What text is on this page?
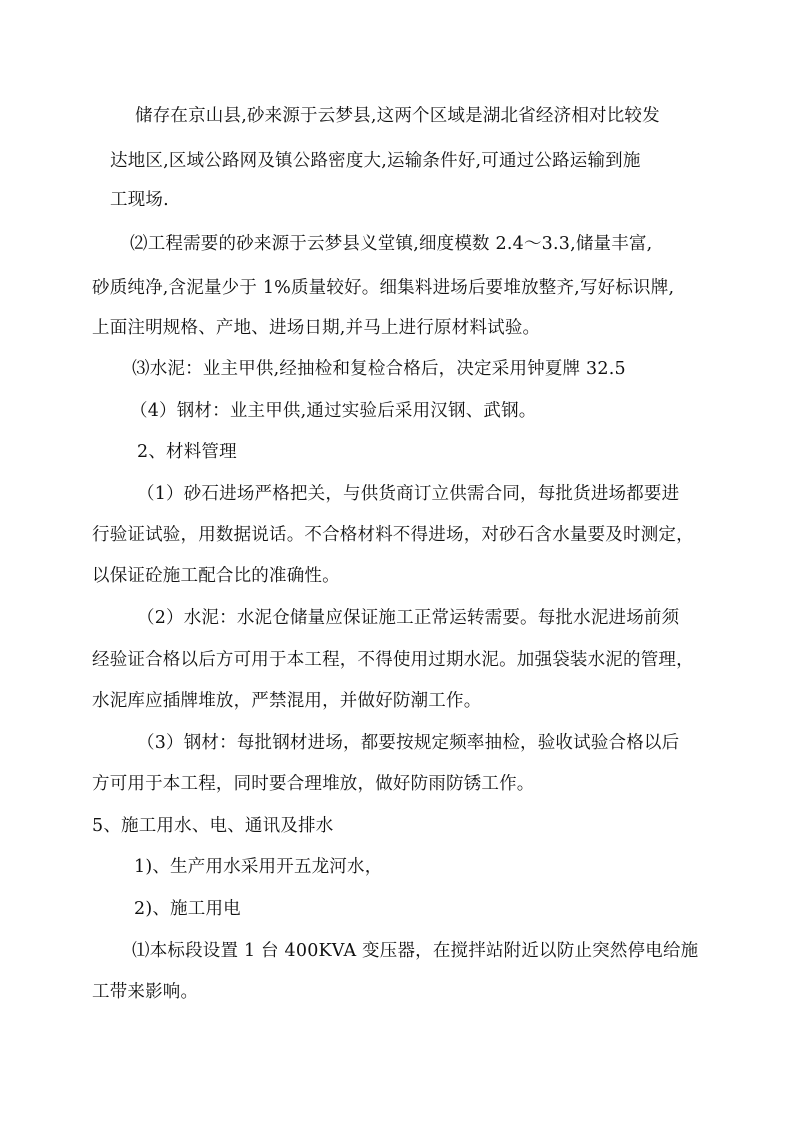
储存在京山县,砂来源于云梦县,这两个区域是湖北省经济相对比较发
达地区,区域公路网及镇公路密度大,运输条件好,可通过公路运输到施
工现场.
⑵工程需要的砂来源于云梦县义堂镇,细度模数 2.4～3.3,储量丰富,
砂质纯净,含泥量少于 1%质量较好。细集料进场后要堆放整齐,写好标识牌,
上面注明规格、产地、进场日期,并马上进行原材料试验。
⑶水泥：业主甲供,经抽检和复检合格后，决定采用钟夏牌 32.5
（4）钢材：业主甲供,通过实验后采用汉钢、武钢。
2、材料管理
（1）砂石进场严格把关，与供货商订立供需合同，每批货进场都要进
行验证试验，用数据说话。不合格材料不得进场，对砂石含水量要及时测定，
以保证砼施工配合比的准确性。
（2）水泥：水泥仓储量应保证施工正常运转需要。每批水泥进场前须
经验证合格以后方可用于本工程，不得使用过期水泥。加强袋装水泥的管理，
水泥库应插牌堆放，严禁混用，并做好防潮工作。
（3）钢材：每批钢材进场，都要按规定频率抽检，验收试验合格以后
方可用于本工程，同时要合理堆放，做好防雨防锈工作。
5、施工用水、电、通讯及排水
1)、生产用水采用开五龙河水，
2)、施工用电
⑴本标段设置 1 台 400KVA 变压器，在搅拌站附近以防止突然停电给施
工带来影响。
